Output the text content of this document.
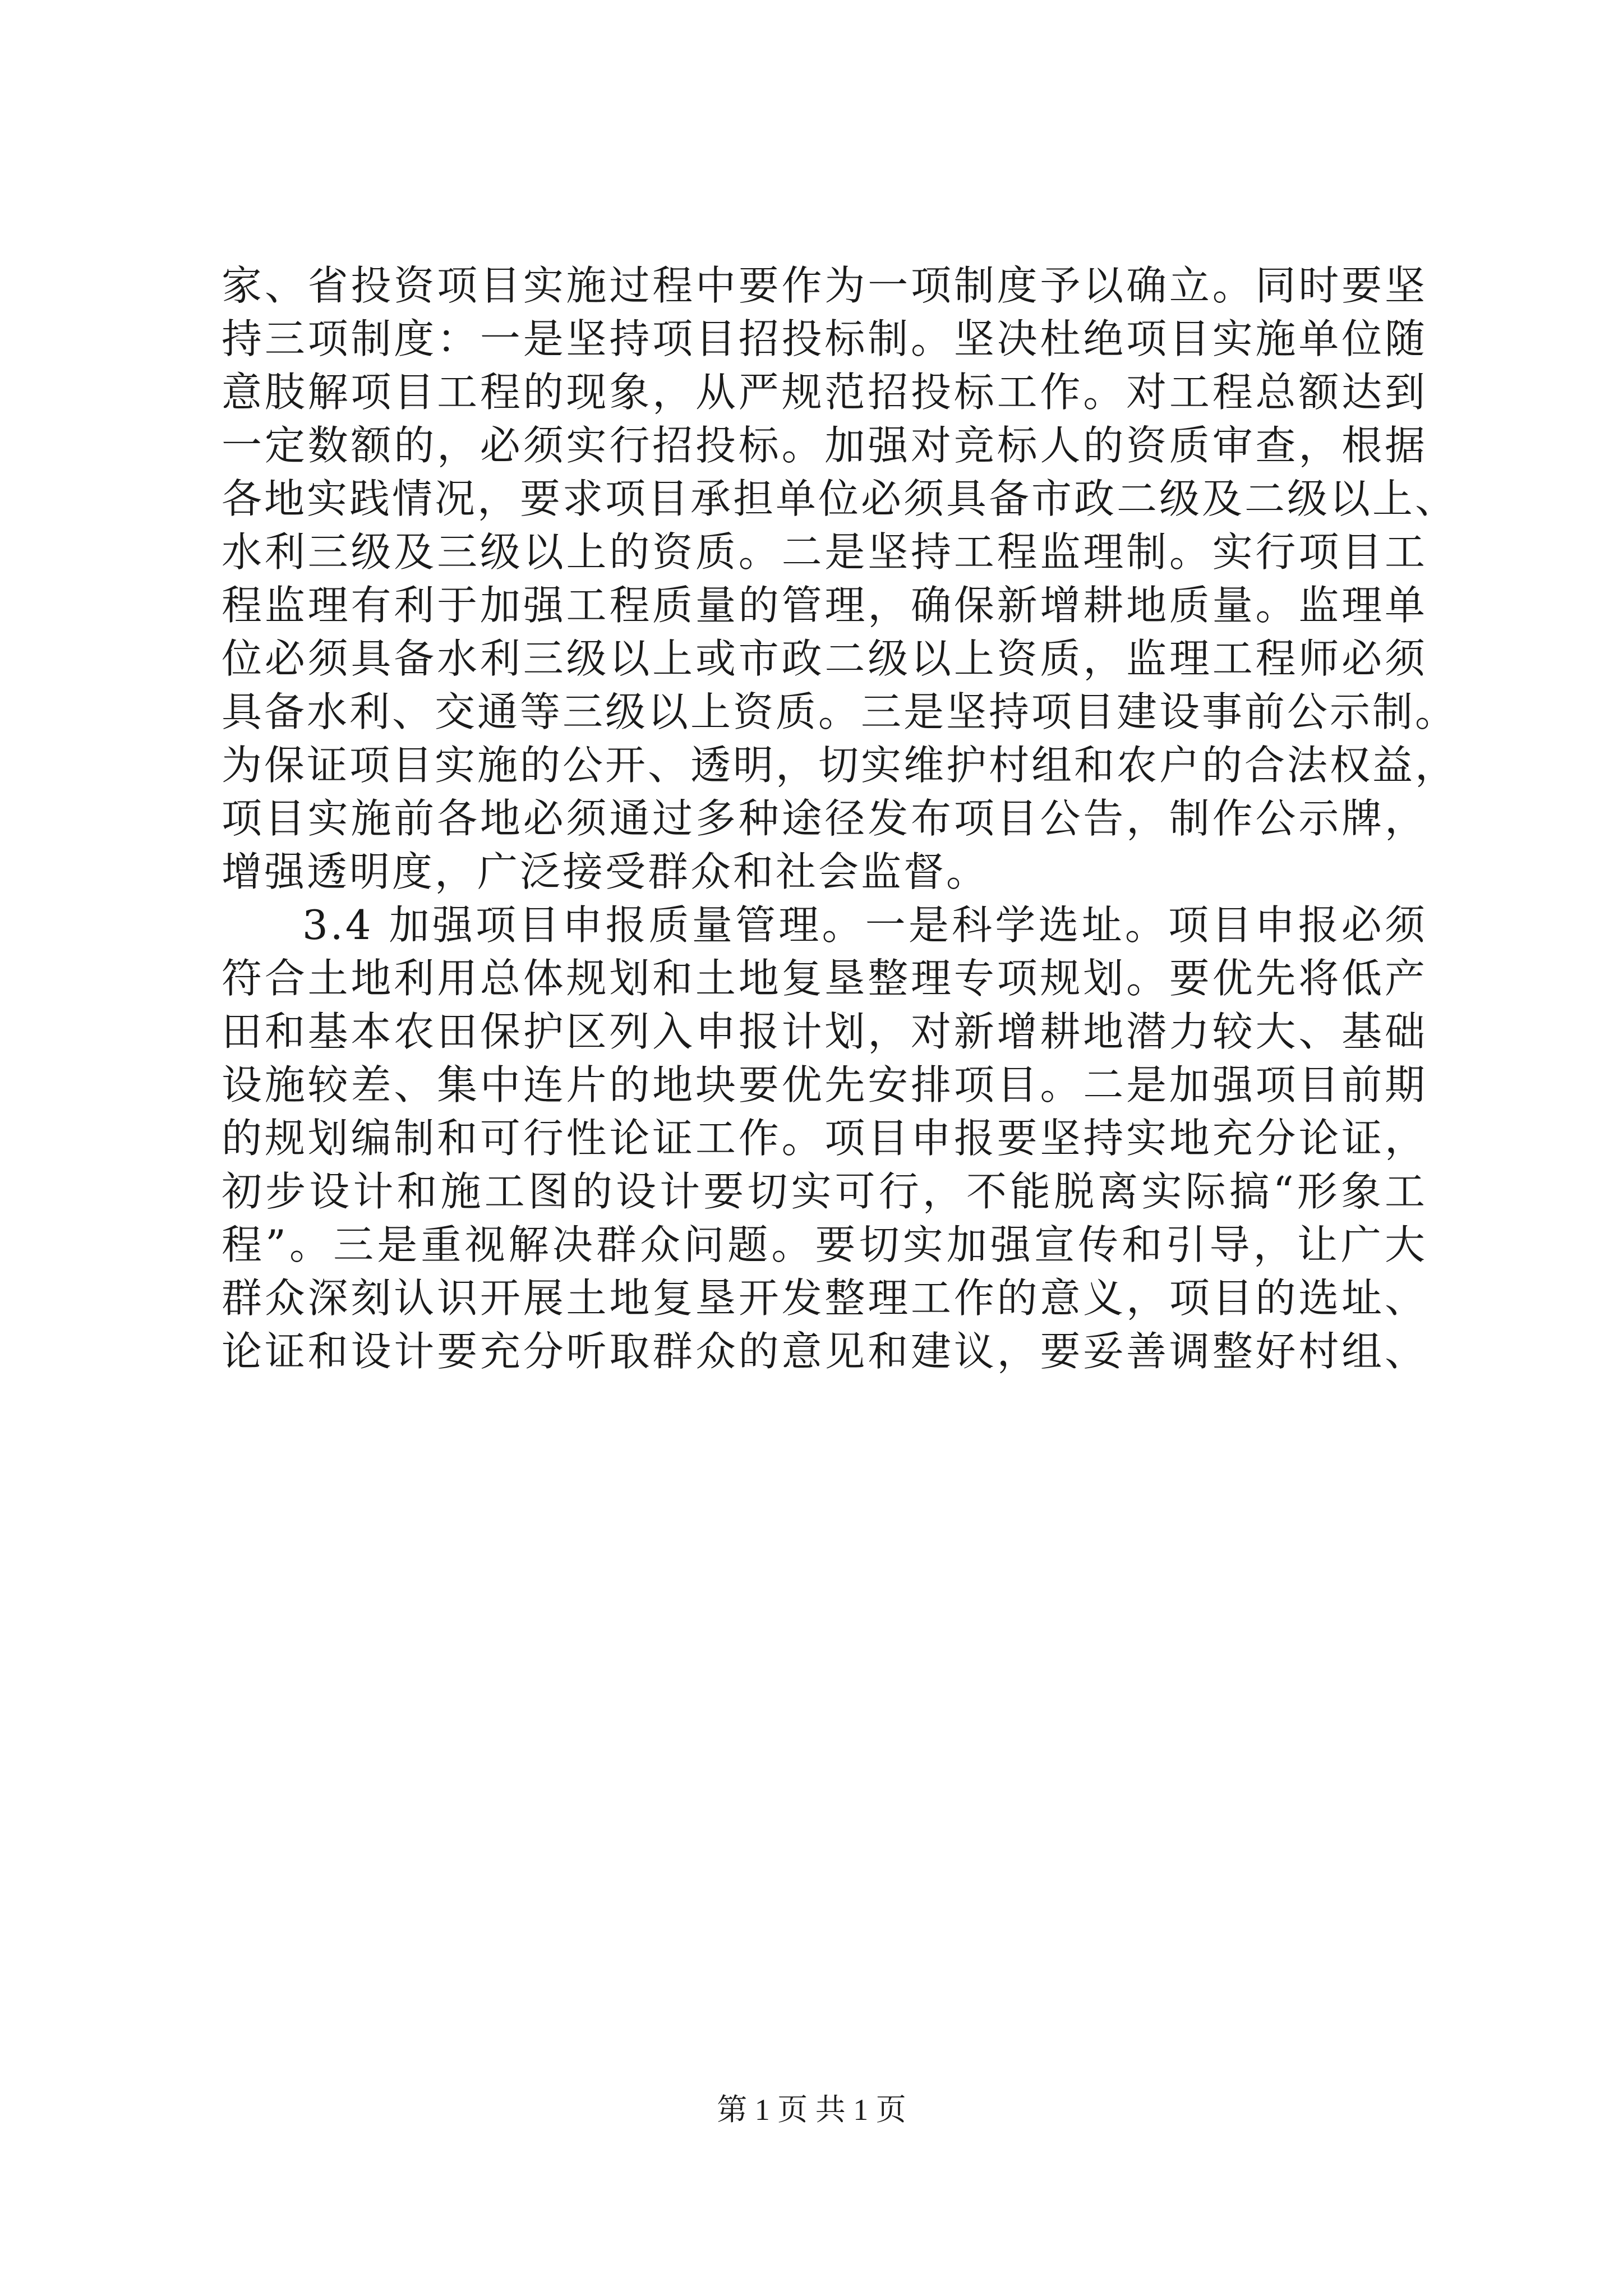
家、省投资项目实施过程中要作为一项制度予以确立。同时要坚
持三项制度：一是坚持项目招投标制。坚决杜绝项目实施单位随
意肢解项目工程的现象，从严规范招投标工作。对工程总额达到
一定数额的，必须实行招投标。加强对竞标人的资质审查，根据
各地实践情况，要求项目承担单位必须具备市政二级及二级以上、
水利三级及三级以上的资质。二是坚持工程监理制。实行项目工
程监理有利于加强工程质量的管理，确保新增耕地质量。监理单
位必须具备水利三级以上或市政二级以上资质，监理工程师必须
具备水利、交通等三级以上资质。三是坚持项目建设事前公示制。
为保证项目实施的公开、透明，切实维护村组和农户的合法权益，
项目实施前各地必须通过多种途径发布项目公告，制作公示牌，
增强透明度，广泛接受群众和社会监督。
3.4 加强项目申报质量管理。一是科学选址。项目申报必须
符合土地利用总体规划和土地复垦整理专项规划。要优先将低产
田和基本农田保护区列入申报计划，对新增耕地潜力较大、基础
设施较差、集中连片的地块要优先安排项目。二是加强项目前期
的规划编制和可行性论证工作。项目申报要坚持实地充分论证，
初步设计和施工图的设计要切实可行，不能脱离实际搞“形象工
程”。三是重视解决群众问题。要切实加强宣传和引导，让广大
群众深刻认识开展土地复垦开发整理工作的意义，项目的选址、
论证和设计要充分听取群众的意见和建议，要妥善调整好村组、
第 1 页 共 1 页
